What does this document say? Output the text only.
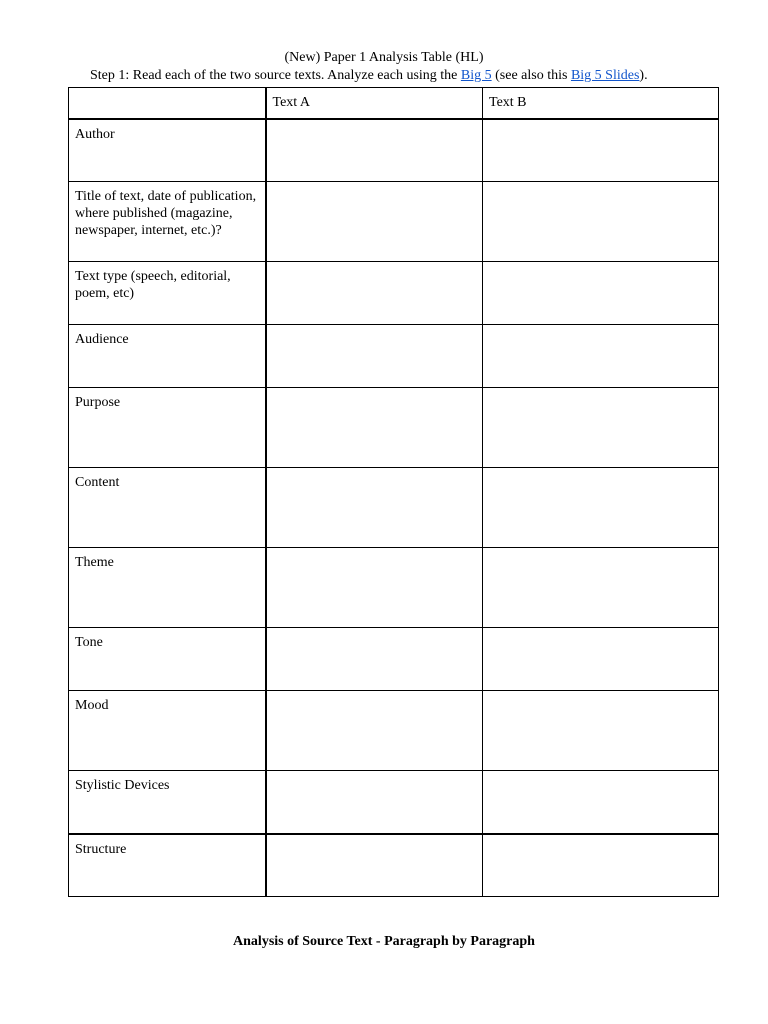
(New) Paper 1 Analysis Table (HL)
Step 1: Read each of the two source texts. Analyze each using the Big 5 (see also this Big 5 Slides).
	Text A	Text B
Author		
Title of text, date of publication, where published (magazine, newspaper, internet, etc.)?		
Text type (speech, editorial, poem, etc)		
Audience		
Purpose		
Content		
Theme		
Tone		
Mood		
Stylistic Devices		
Structure		
Analysis of Source Text - Paragraph by Paragraph
